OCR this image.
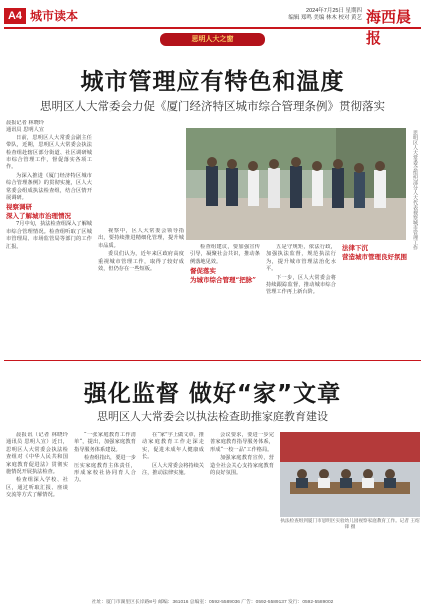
A4 城市读本	2024年7月25日 星期四
编辑 郑鸣 美编 林木 校对 黄艺 海西晨报
思明人大之窗
城市管理应有特色和温度
思明区人大常委会力促《厦门经济特区城市综合管理条例》贯彻落实
晨报记者 林晓玲
通讯员 思明人宣

日前，思明区人大常委会副主任带队，近期，思明区人大常委会执法检查组赴辖区部分街道、社区调研城市综合管理工作，督促落实各项工作。

为深入推进《厦门经济特区城市综合管理条例》的贯彻实施，区人大常委会组成执法检查组，结合区情开展调研。

视察调研
深入了解城市治理情况

7月中旬，执法检查组深入了解城市综合管理情况。检查组听取了区城市管理局、市场监管局等部门的工作汇报。

视察中，区人大常委会领导指出，要持续推进精细化管理，提升城市品质。

委员们认为，近年来区政府高度重视城市管理工作，取得了较好成效，但仍存在一些短板。

思明区人大常委会组织部分人大代表视察城市管理工作

检查组建议，要加强宣传引导，凝聚社会共识，推动条例落地见效。

督促落实
为城市综合管理“把脉”

五是守规矩，依法行政，加强执法监督，规范执法行为，提升城市管理法治化水平。

下一步，区人大常委会将持续跟踪监督，推动城市综合管理工作再上新台阶。

法律下沉
营造城市管理良好氛围
强化监督 做好“家”文章
思明区人大常委会以执法检查助推家庭教育建设

晨报讯（记者 林晓玲 通讯员 思明人宣）近日，思明区人大常委会执法检查组对《中华人民共和国家庭教育促进法》贯彻实施情况开展执法检查。

检查组深入学校、社区，通过听取汇报、座谈交流等方式了解情况。

“一张家庭教育工作清单“，提出，加强家庭教育指导服务体系建设。

检查组指出，要进一步压实家庭教育主体责任，形成家校社协同育人合力。

在“家”字上做文章，推动家庭教育工作走深走实，促进未成年人健康成长。

区人大常委会将持续关注，推动法律实施。

会议要求，要进一步完善家庭教育指导服务体系，形成“一校一品”工作格局。

加强家庭教育宣传，营造全社会关心支持家庭教育的良好氛围。

执法检查组到厦门市思明区实验幼儿园视察家庭教育工作。记者 王绍锋 摄
社址：厦门市湖里区长岸路8号 邮编：361016 总编室：0592-5589036 广告：0592-5589137 发行：0592-5589002
